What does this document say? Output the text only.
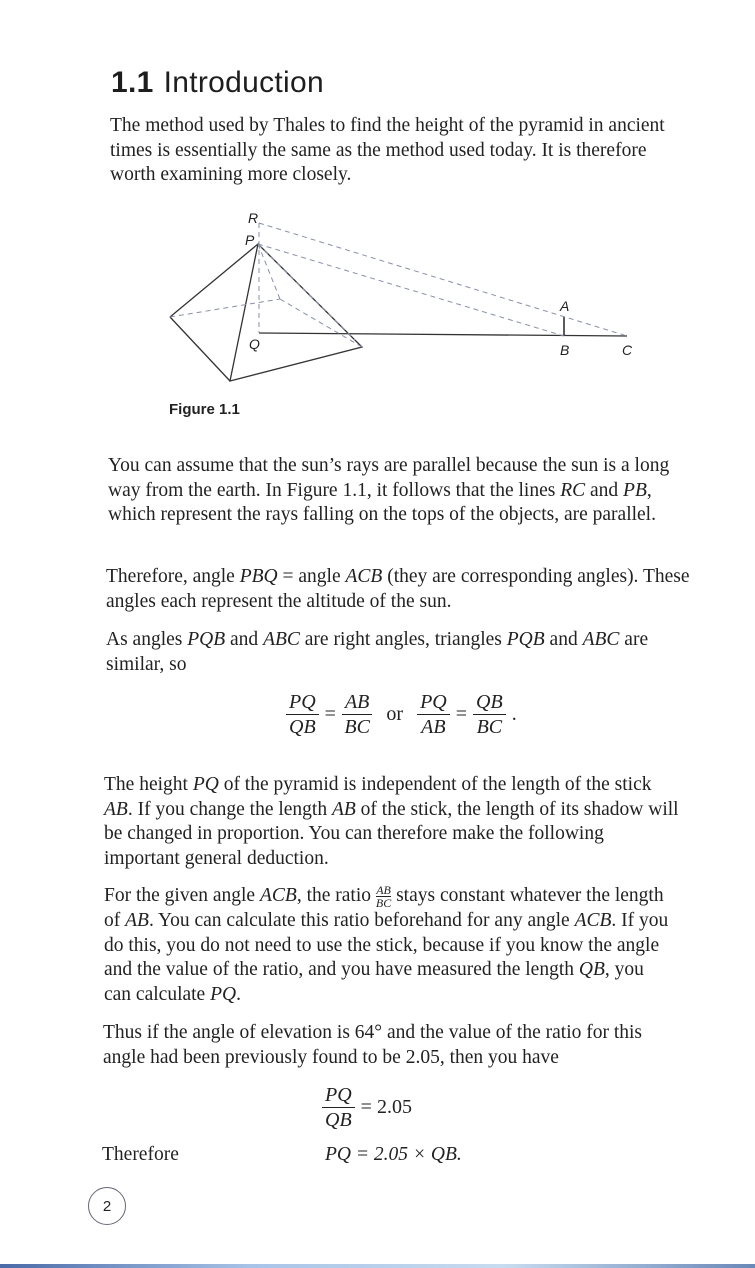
1.1 Introduction

The method used by Thales to find the height of the pyramid in ancient times is essentially the same as the method used today. It is therefore worth examining more closely.

R
P
Q
A
B	C
Figure 1.1

You can assume that the sun’s rays are parallel because the sun is a long way from the earth. In Figure 1.1, it follows that the lines RC and PB, which represent the rays falling on the tops of the objects, are parallel.

Therefore, angle PBQ = angle ACB (they are corresponding angles). These angles each represent the altitude of the sun.

As angles PQB and ABC are right angles, triangles PQB and ABC are similar, so

$\frac{PQ}{QB} = \frac{AB}{BC}$ or $\frac{PQ}{AB} = \frac{QB}{BC}$ .

The height PQ of the pyramid is independent of the length of the stick AB. If you change the length AB of the stick, the length of its shadow will be changed in proportion. You can therefore make the following important general deduction.

For the given angle ACB, the ratio $\frac{AB}{BC}$ stays constant whatever the length of AB. You can calculate this ratio beforehand for any angle ACB. If you do this, you do not need to use the stick, because if you know the angle and the value of the ratio, and you have measured the length QB, you can calculate PQ.

Thus if the angle of elevation is 64° and the value of the ratio for this angle had been previously found to be 2.05, then you have

$\frac{PQ}{QB} = 2.05$

Therefore	PQ = 2.05 × QB.

2
